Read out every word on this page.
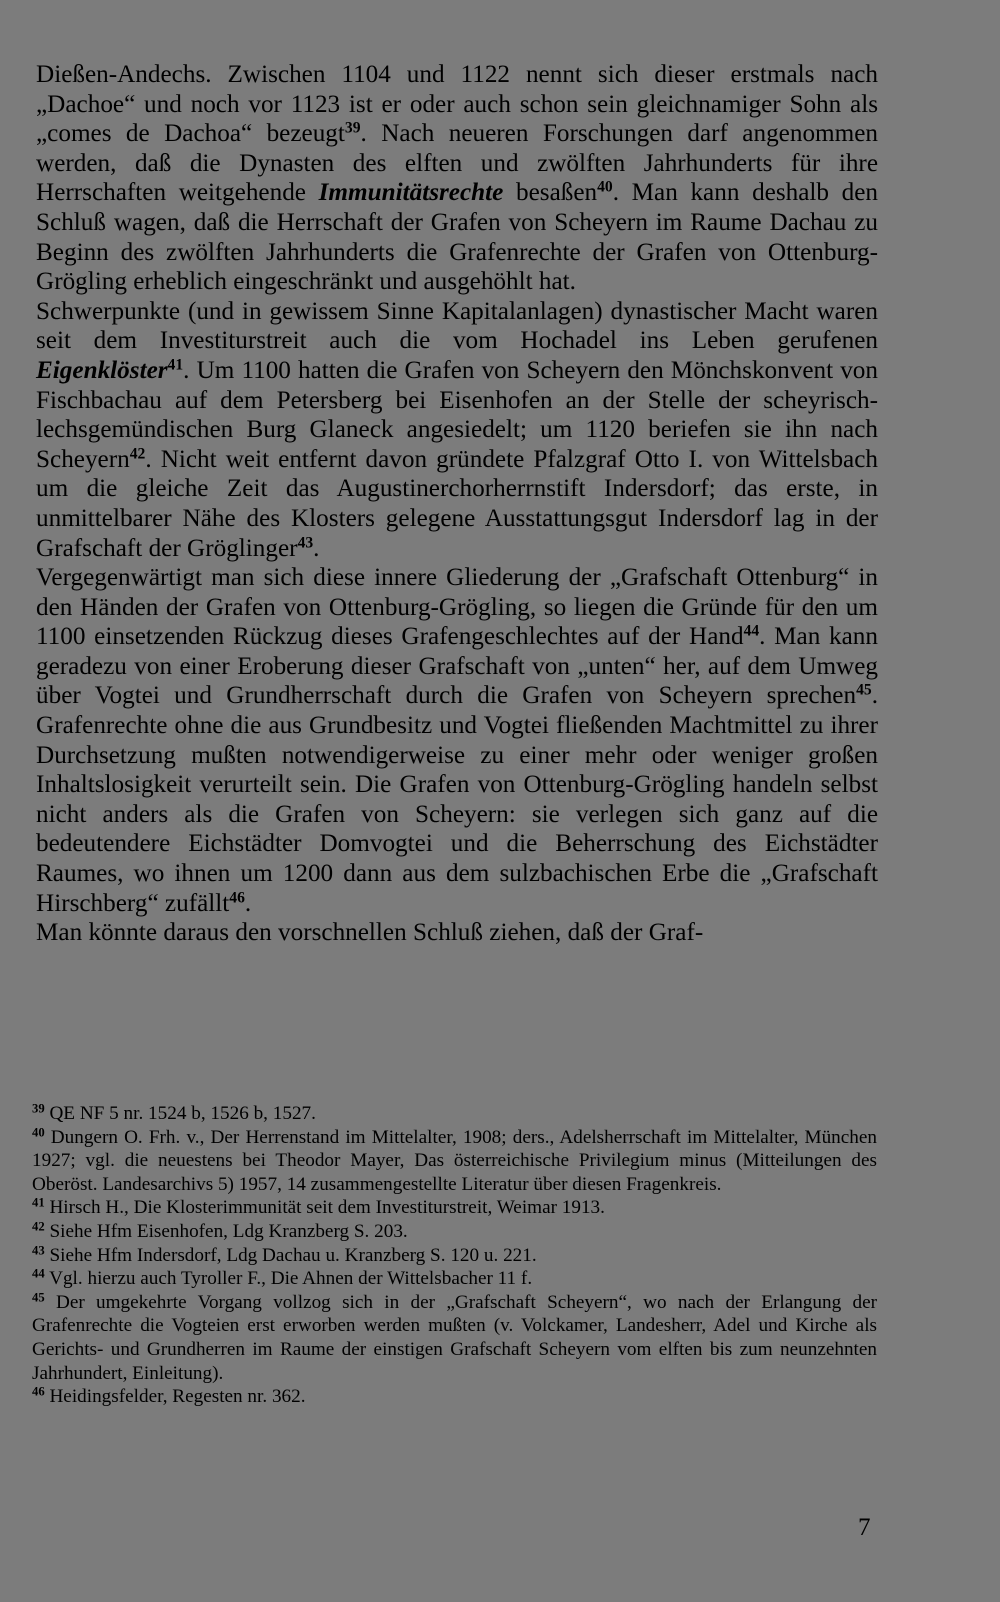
Dießen-Andechs. Zwischen 1104 und 1122 nennt sich dieser erstmals nach „Dachoe“ und noch vor 1123 ist er oder auch schon sein gleichnamiger Sohn als „comes de Dachoa“ bezeugt$^{39}$. Nach neueren Forschungen darf angenommen werden, daß die Dynasten des elften und zwölften Jahrhunderts für ihre Herrschaften weitgehende Immunitätsrechte besaßen$^{40}$. Man kann deshalb den Schluß wagen, daß die Herrschaft der Grafen von Scheyern im Raume Dachau zu Beginn des zwölften Jahrhunderts die Grafenrechte der Grafen von Ottenburg-Grögling erheblich eingeschränkt und ausgehöhlt hat.

Schwerpunkte (und in gewissem Sinne Kapitalanlagen) dynastischer Macht waren seit dem Investiturstreit auch die vom Hochadel ins Leben gerufenen Eigenklöster$^{41}$. Um 1100 hatten die Grafen von Scheyern den Mönchskonvent von Fischbachau auf dem Petersberg bei Eisenhofen an der Stelle der scheyrisch-lechsgemündischen Burg Glaneck angesiedelt; um 1120 beriefen sie ihn nach Scheyern$^{42}$. Nicht weit entfernt davon gründete Pfalzgraf Otto I. von Wittelsbach um die gleiche Zeit das Augustinerchorherrnstift Indersdorf; das erste, in unmittelbarer Nähe des Klosters gelegene Ausstattungsgut Indersdorf lag in der Grafschaft der Gröglinger$^{43}$.

Vergegenwärtigt man sich diese innere Gliederung der „Grafschaft Ottenburg“ in den Händen der Grafen von Ottenburg-Grögling, so liegen die Gründe für den um 1100 einsetzenden Rückzug dieses Grafengeschlechtes auf der Hand$^{44}$. Man kann geradezu von einer Eroberung dieser Grafschaft von „unten“ her, auf dem Umweg über Vogtei und Grundherrschaft durch die Grafen von Scheyern sprechen$^{45}$. Grafenrechte ohne die aus Grundbesitz und Vogtei fließenden Machtmittel zu ihrer Durchsetzung mußten notwendigerweise zu einer mehr oder weniger großen Inhaltslosigkeit verurteilt sein. Die Grafen von Ottenburg-Grögling handeln selbst nicht anders als die Grafen von Scheyern: sie verlegen sich ganz auf die bedeutendere Eichstädter Domvogtei und die Beherrschung des Eichstädter Raumes, wo ihnen um 1200 dann aus dem sulzbachischen Erbe die „Grafschaft Hirschberg“ zufällt$^{46}$.

Man könnte daraus den vorschnellen Schluß ziehen, daß der Graf-

$^{39}$ QE NF 5 nr. 1524 b, 1526 b, 1527.

$^{40}$ Dungern O. Frh. v., Der Herrenstand im Mittelalter, 1908; ders., Adelsherrschaft im Mittelalter, München 1927; vgl. die neuestens bei Theodor Mayer, Das österreichische Privilegium minus (Mitteilungen des Oberöst. Landesarchivs 5) 1957, 14 zusammengestellte Literatur über diesen Fragenkreis.

$^{41}$ Hirsch H., Die Klosterimmunität seit dem Investiturstreit, Weimar 1913.

$^{42}$ Siehe Hfm Eisenhofen, Ldg Kranzberg S. 203.

$^{43}$ Siehe Hfm Indersdorf, Ldg Dachau u. Kranzberg S. 120 u. 221.

$^{44}$ Vgl. hierzu auch Tyroller F., Die Ahnen der Wittelsbacher 11 f.

$^{45}$ Der umgekehrte Vorgang vollzog sich in der „Grafschaft Scheyern“, wo nach der Erlangung der Grafenrechte die Vogteien erst erworben werden mußten (v. Volckamer, Landesherr, Adel und Kirche als Gerichts- und Grundherren im Raume der einstigen Grafschaft Scheyern vom elften bis zum neunzehnten Jahrhundert, Einleitung).

$^{46}$ Heidingsfelder, Regesten nr. 362.

7
